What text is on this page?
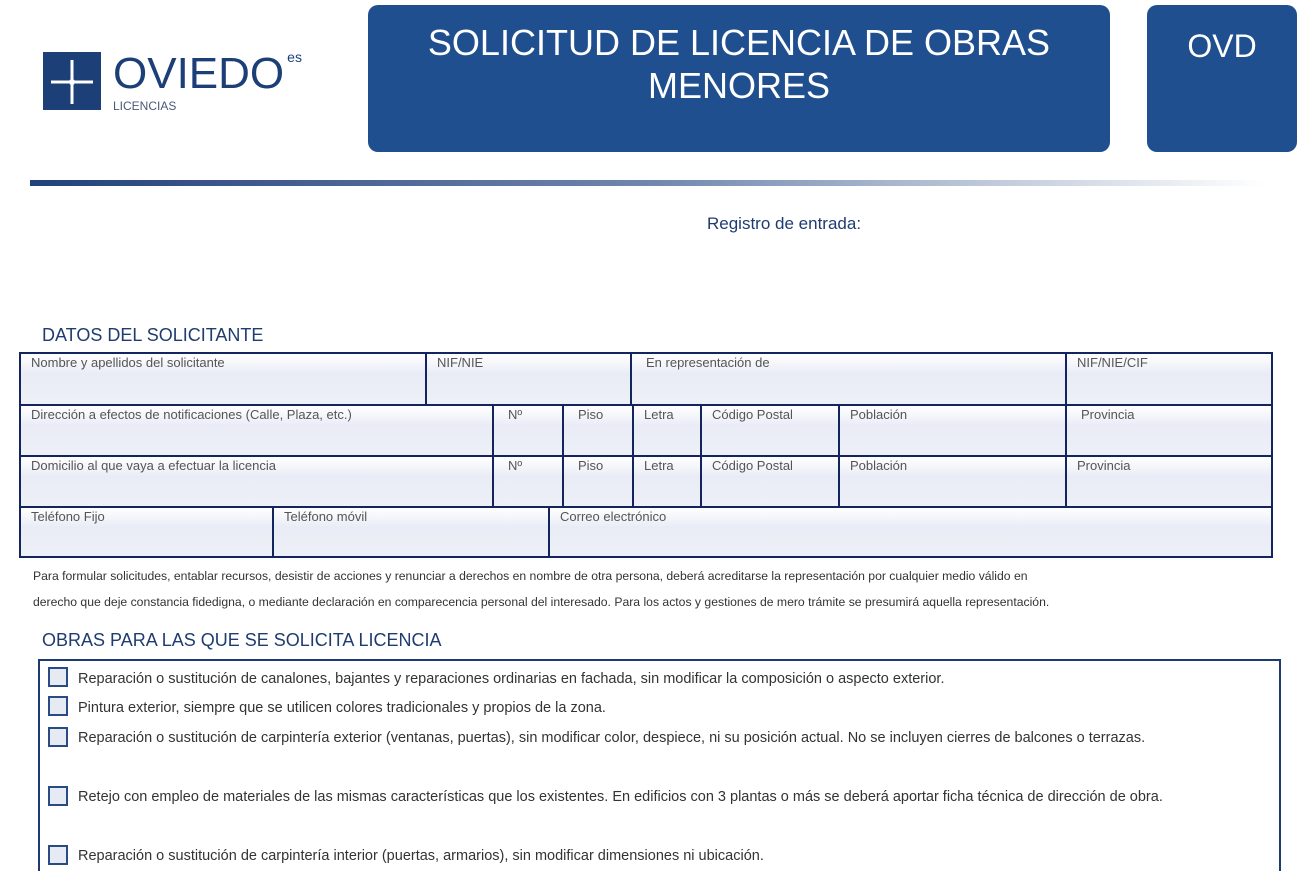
OVIEDO es
LICENCIAS
SOLICITUD DE LICENCIA DE OBRAS
MENORES
OVD
Registro de entrada:
DATOS DEL SOLICITANTE
Nombre y apellidos del solicitante	NIF/NIE	En representación de	NIF/NIE/CIF
Dirección a efectos de notificaciones (Calle, Plaza, etc.)	Nº	Piso	Letra	Código Postal	Población	Provincia
Domicilio al que vaya a efectuar la licencia	Nº	Piso	Letra	Código Postal	Población	Provincia
Teléfono Fijo	Teléfono móvil	Correo electrónico
Para formular solicitudes, entablar recursos, desistir de acciones y renunciar a derechos en nombre de otra persona, deberá acreditarse la representación por cualquier medio válido en
derecho que deje constancia fidedigna, o mediante declaración en comparecencia personal del interesado. Para los actos y gestiones de mero trámite se presumirá aquella representación.
OBRAS PARA LAS QUE SE SOLICITA LICENCIA
Reparación o sustitución de canalones, bajantes y reparaciones ordinarias en fachada, sin modificar la composición o aspecto exterior.
Pintura exterior, siempre que se utilicen colores tradicionales y propios de la zona.
Reparación o sustitución de carpintería exterior (ventanas, puertas), sin modificar color, despiece, ni su posición actual. No se incluyen cierres de balcones o terrazas.
Retejo con empleo de materiales de las mismas características que los existentes. En edificios con 3 plantas o más se deberá aportar ficha técnica de dirección de obra.
Reparación o sustitución de carpintería interior (puertas, armarios), sin modificar dimensiones ni ubicación.
